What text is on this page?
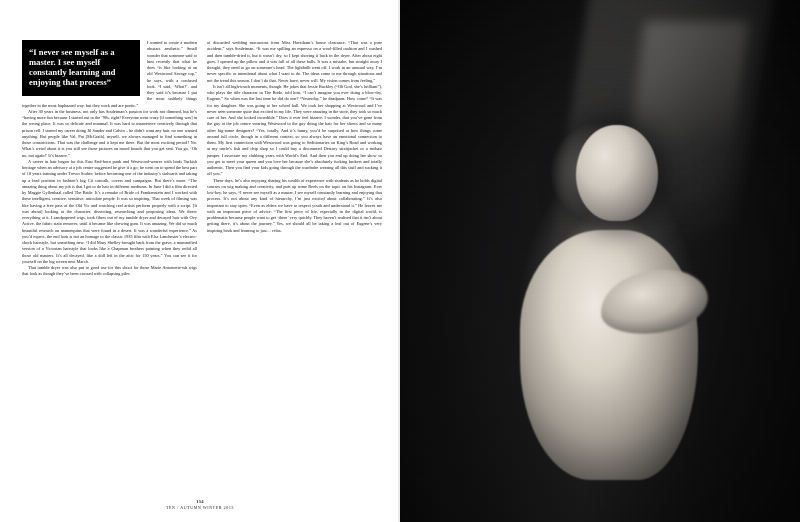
“I never see myself as a master. I see myself constantly learning and enjoying that process”

I wanted to create a modern abstract aesthetic.” Small wonder that someone said to him recently that what he does “is like looking at an old Westwood Savage top,” he says, with a confused look. “I said, ‘What?’, and they said it’s because I put the most unlikely things together in the most haphazard way, but they work and are poetic.”

After 30 years in the business, not only has Souleiman’s passion for work not dimmed, but he’s “having more fun because I started out in the ’90s, right? Everyone went crazy [if something was] in the wrong place. It was so delicate and minimal. It was hard to manoeuvre creatively through that prison cell. I started my career doing Jil Sander and Calvin – he didn’t want any hair, no one wanted anything. But people like Val, Pat [McGrath], myself, we always managed to find something in those constrictions. That was the challenge and it kept me there. But the most exciting period? No. What’s weird about it is you still see those pictures on mood boards that you get sent. You go, ‘Oh no, not again!’ It’s bizarre.”

A career in hair began for this East End-born punk and Westwood-wearer with birds Turkish heritage when an advisory at a job centre suggested he give it a go; he went on to spend the best part of 10 years training under Trevor Sorbie, before becoming one of the industry’s stalwarts and taking up a lead position in fashion’s big Cit catwalk, covers and campaigns. But there’s more. “The amazing thing about my job is that I get to do hair in different mediums. In June I did a film directed by Maggie Gyllenhaal called The Bride. It’s a remake of Bride of Frankenstein and I worked with these intelligent, creative, sensitive, articulate people. It was so inspiring. That week of filming was like having a free pass at the Old Vic and watching real artists perform properly with a script. [It was about] looking at the character, dissecting, researching and proposing ideas. We threw everything at it. I sandpapered wigs, took fibres out of my tumble dryer and decayed hair with Ovy Active, the fabric stain remover, until it became like chewing gum. It was amazing. We did so much beautiful research on mannequins that were found in a desert. It was a wonderful experience.” As you’d expect, the end look is not an homage to the classic 1935 film with Elsa Lanchester’s electric-shock hairstyle, but something new. “I did Mary Shelley brought back from the grave, a mummified version of a Victorian hairstyle that looks like a Chapman brothers painting when they redid all those old masters. It’s all decayed, like a doll left in the attic for 150 years.” You can see it for yourself on the big screen next March.

That tumble dryer was also put to good use for this shoot for those Marie Antoinette-ish wigs that look as though they’ve been crossed with collapsing piles

of discarded wedding macaroons from Miss Havisham’s house clearance. “That was a pure accident,” says Souleiman. “It was me spilling an espresso on a wool-filled cushion and I washed and then tumble-dried it, but it wasn’t dry, so I kept shoving it back in the dryer. After about eight goes, I opened up the pillow and it was full of all these balls. It was a mistake, but straight away I thought, they need to go on someone’s head. The lightbulb went off. I work in an unusual way, I’m never specific or intentional about what I want to do. The ideas come to me through situations and not the trend this season. I don’t do that. Never have, never will. My vision comes from feeling.”

It isn’t all high-touch moments, though. He jokes that Jessie Buckley (“Oh God, she’s brilliant”), who plays the title character in The Bride, told him, “I can’t imagine you ever doing a blow-dry, Eugene.” So when was the last time he did do one? “Yesterday,” he deadpans. How come? “It was for my daughter. She was going to her school ball. We took her shopping at Westwood and I’ve never seen someone quite that excited in my life. They were amazing in the store, they took so much care of her. And she looked incredible.” Does it ever feel bizarre, I wonder, that you’ve gone from the guy at the job centre wearing Westwood to the guy doing the hair for her shows and so many other big-name designers? “Yes, totally. And it’s funny, you’d be surprised at how things come around full circle, though in a different context, so you always have an emotional connection to them. My first connection with Westwood was going to Seditionaries on King’s Road and working at my uncle’s fish and chip shop so I could buy a discounted Destroy straitjacket or a mohair jumper. I associate my clubbing years with World’s End. And then you end up doing her show so you get to meet your queen and you love her because she’s absolutely fucking brokers and totally authentic. Then you find your kids going through the wardrobe wearing all this stuff and sucking it off you.”

These days, he’s also enjoying sharing his wealth of experience with students as he holds digital courses on wig making and creativity, and puts up some Reels on the topic on his Instagram. Ever low-key, he says, “I never see myself as a master. I see myself constantly learning and enjoying that process. It’s not about any kind of hierarchy, I’m just excited about collaborating.” It’s also important to stay open. “Even as elders we have to respect youth and understand it.” He leaves me with an important piece of advice: “The first piece of life, especially in the digital world, is problematic because people want to get ‘there’ very quickly. They haven’t realised that it isn’t about getting there, it’s about the journey.” Yes, we should all be taking a leaf out of Eugene’s very inspiring book and learning to just… relax.

154
TEN / AUTUMN WINTER 2015
